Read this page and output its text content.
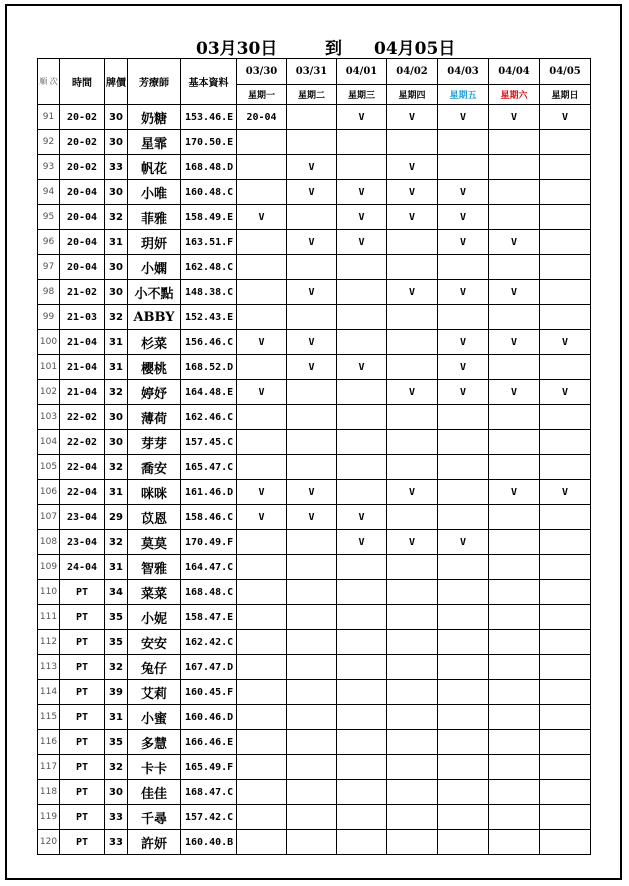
03月30日	到 04月05日
順 次	時間	牌價	芳療師	基本資料	03/30	03/31	04/01	04/02	04/03	04/04	04/05
					星期一	星期二	星期三	星期四	星期五	星期六	星期日
91	20-02	30	奶糖	153.46.E	20-04		V	V	V	V	V
92	20-02	30	星霏	170.50.E							
93	20-02	33	帆花	168.48.D		V		V			
94	20-04	30	小唯	160.48.C		V	V	V	V		
95	20-04	32	菲雅	158.49.E	V		V	V	V		
96	20-04	31	玥妍	163.51.F		V	V		V	V	
97	20-04	30	小嫻	162.48.C							
98	21-02	30	小不點	148.38.C		V		V	V	V	
99	21-03	32	ABBY	152.43.E							
100	21-04	31	杉菜	156.46.C	V	V			V	V	V
101	21-04	31	櫻桃	168.52.D		V	V		V		
102	21-04	32	婷妤	164.48.E	V			V	V	V	V
103	22-02	30	薄荷	162.46.C							
104	22-02	30	芽芽	157.45.C							
105	22-04	32	喬安	165.47.C							
106	22-04	31	咪咪	161.46.D	V	V		V		V	V
107	23-04	29	苡恩	158.46.C	V	V	V				
108	23-04	32	莫莫	170.49.F			V	V	V		
109	24-04	31	智雅	164.47.C							
110	PT	34	菜菜	168.48.C							
111	PT	35	小妮	158.47.E							
112	PT	35	安安	162.42.C							
113	PT	32	兔仔	167.47.D							
114	PT	39	艾莉	160.45.F							
115	PT	31	小蜜	160.46.D							
116	PT	35	多慧	166.46.E							
117	PT	32	卡卡	165.49.F							
118	PT	30	佳佳	168.47.C							
119	PT	33	千尋	157.42.C							
120	PT	33	許妍	160.40.B							
